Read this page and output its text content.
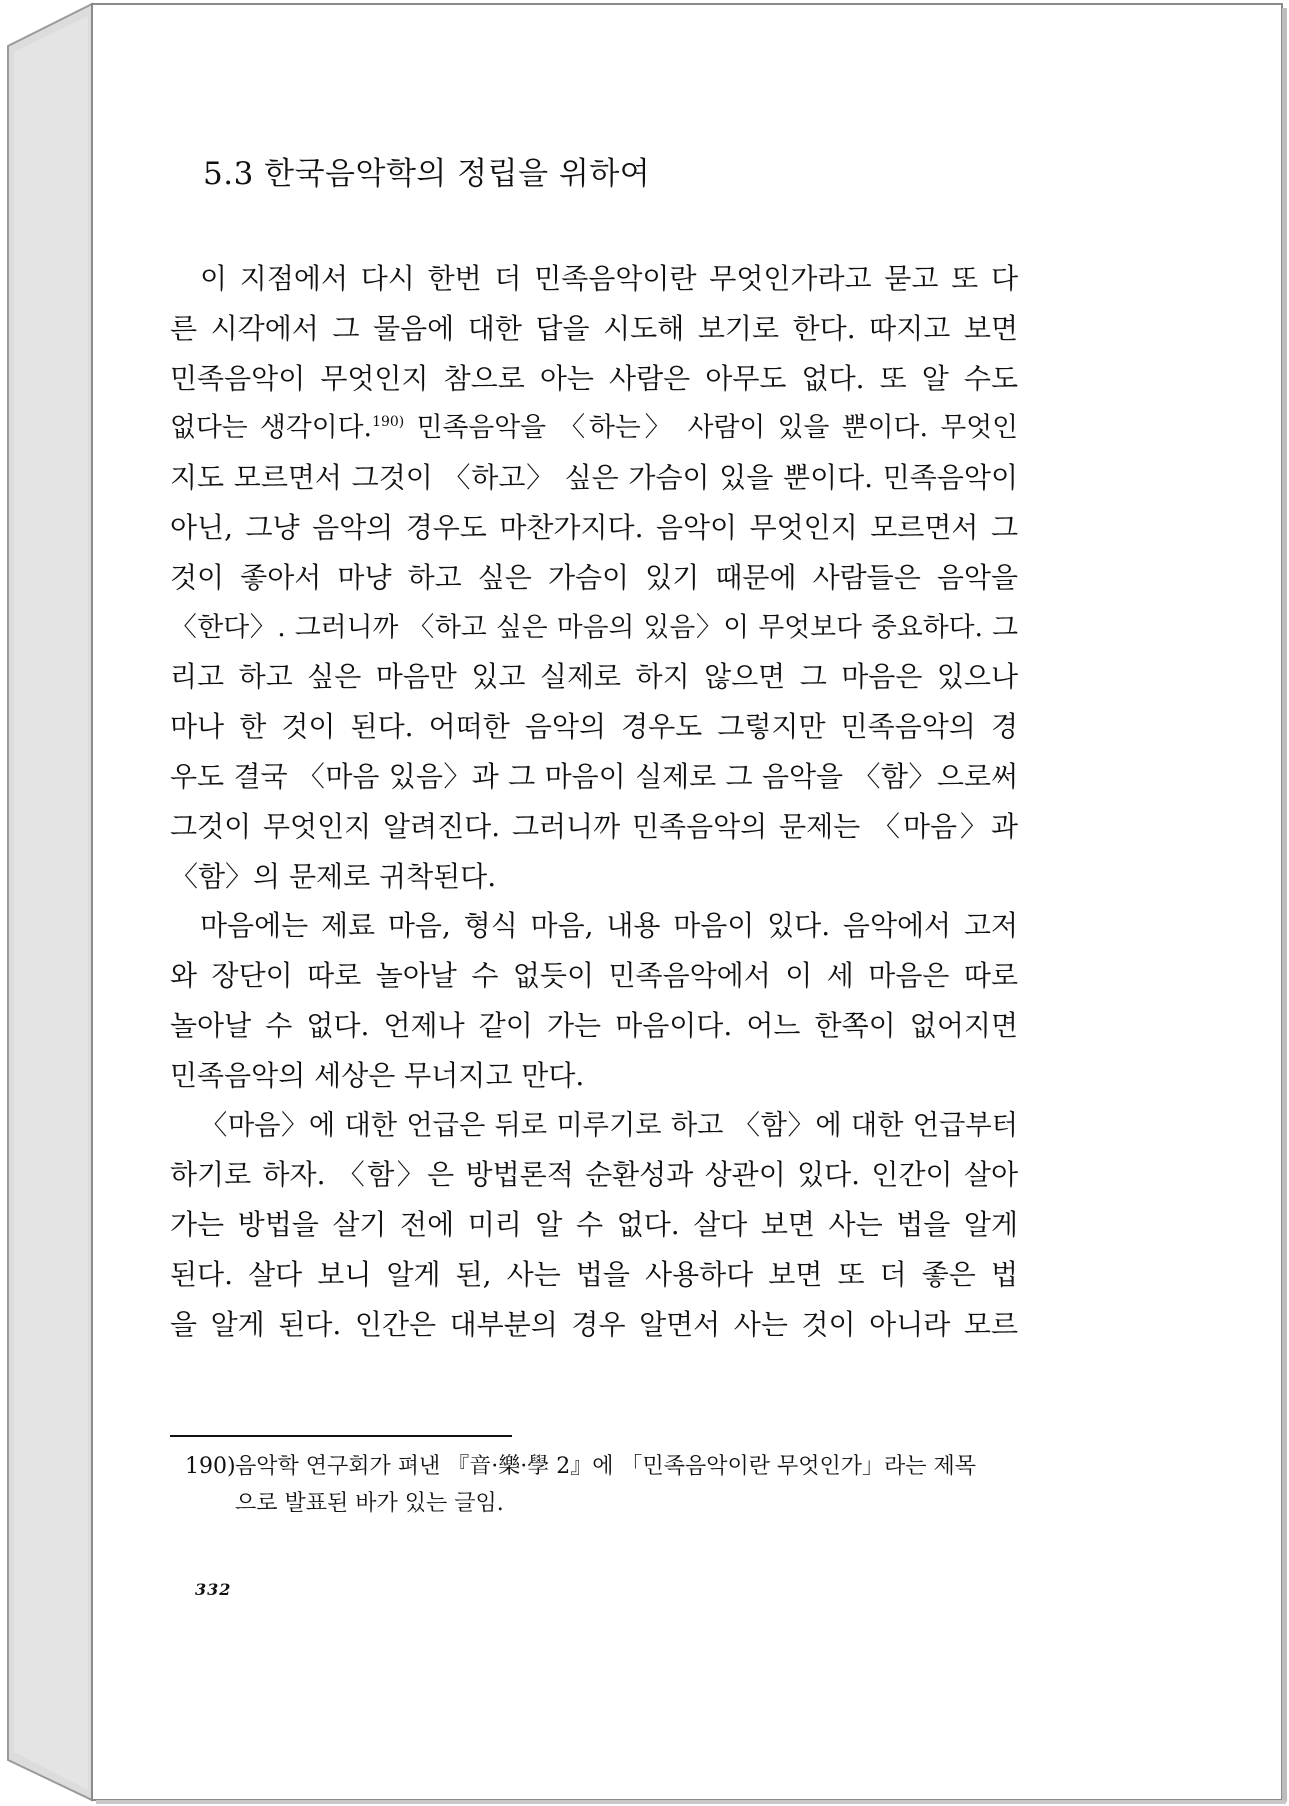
5.3 한국음악학의 정립을 위하여
이 지점에서 다시 한번 더 민족음악이란 무엇인가라고 묻고 또 다
른 시각에서 그 물음에 대한 답을 시도해 보기로 한다. 따지고 보면
민족음악이 무엇인지 참으로 아는 사람은 아무도 없다. 또 알 수도
없다는 생각이다.$^{190)}$ 민족음악을 〈하는〉 사람이 있을 뿐이다. 무엇인
지도 모르면서 그것이 〈하고〉 싶은 가슴이 있을 뿐이다. 민족음악이
아닌, 그냥 음악의 경우도 마찬가지다. 음악이 무엇인지 모르면서 그
것이 좋아서 마냥 하고 싶은 가슴이 있기 때문에 사람들은 음악을
〈한다〉. 그러니까 〈하고 싶은 마음의 있음〉이 무엇보다 중요하다. 그
리고 하고 싶은 마음만 있고 실제로 하지 않으면 그 마음은 있으나
마나 한 것이 된다. 어떠한 음악의 경우도 그렇지만 민족음악의 경
우도 결국 〈마음 있음〉과 그 마음이 실제로 그 음악을 〈함〉으로써
그것이 무엇인지 알려진다. 그러니까 민족음악의 문제는 〈마음〉과
〈함〉의 문제로 귀착된다.
마음에는 제료 마음, 형식 마음, 내용 마음이 있다. 음악에서 고저
와 장단이 따로 놀아날 수 없듯이 민족음악에서 이 세 마음은 따로
놀아날 수 없다. 언제나 같이 가는 마음이다. 어느 한쪽이 없어지면
민족음악의 세상은 무너지고 만다.
〈마음〉에 대한 언급은 뒤로 미루기로 하고 〈함〉에 대한 언급부터
하기로 하자. 〈함〉은 방법론적 순환성과 상관이 있다. 인간이 살아
가는 방법을 살기 전에 미리 알 수 없다. 살다 보면 사는 법을 알게
된다. 살다 보니 알게 된, 사는 법을 사용하다 보면 또 더 좋은 법
을 알게 된다. 인간은 대부분의 경우 알면서 사는 것이 아니라 모르
190)음악학 연구회가 펴낸 『音·樂·學 2』에 「민족음악이란 무엇인가」라는 제목
으로 발표된 바가 있는 글임.
332
